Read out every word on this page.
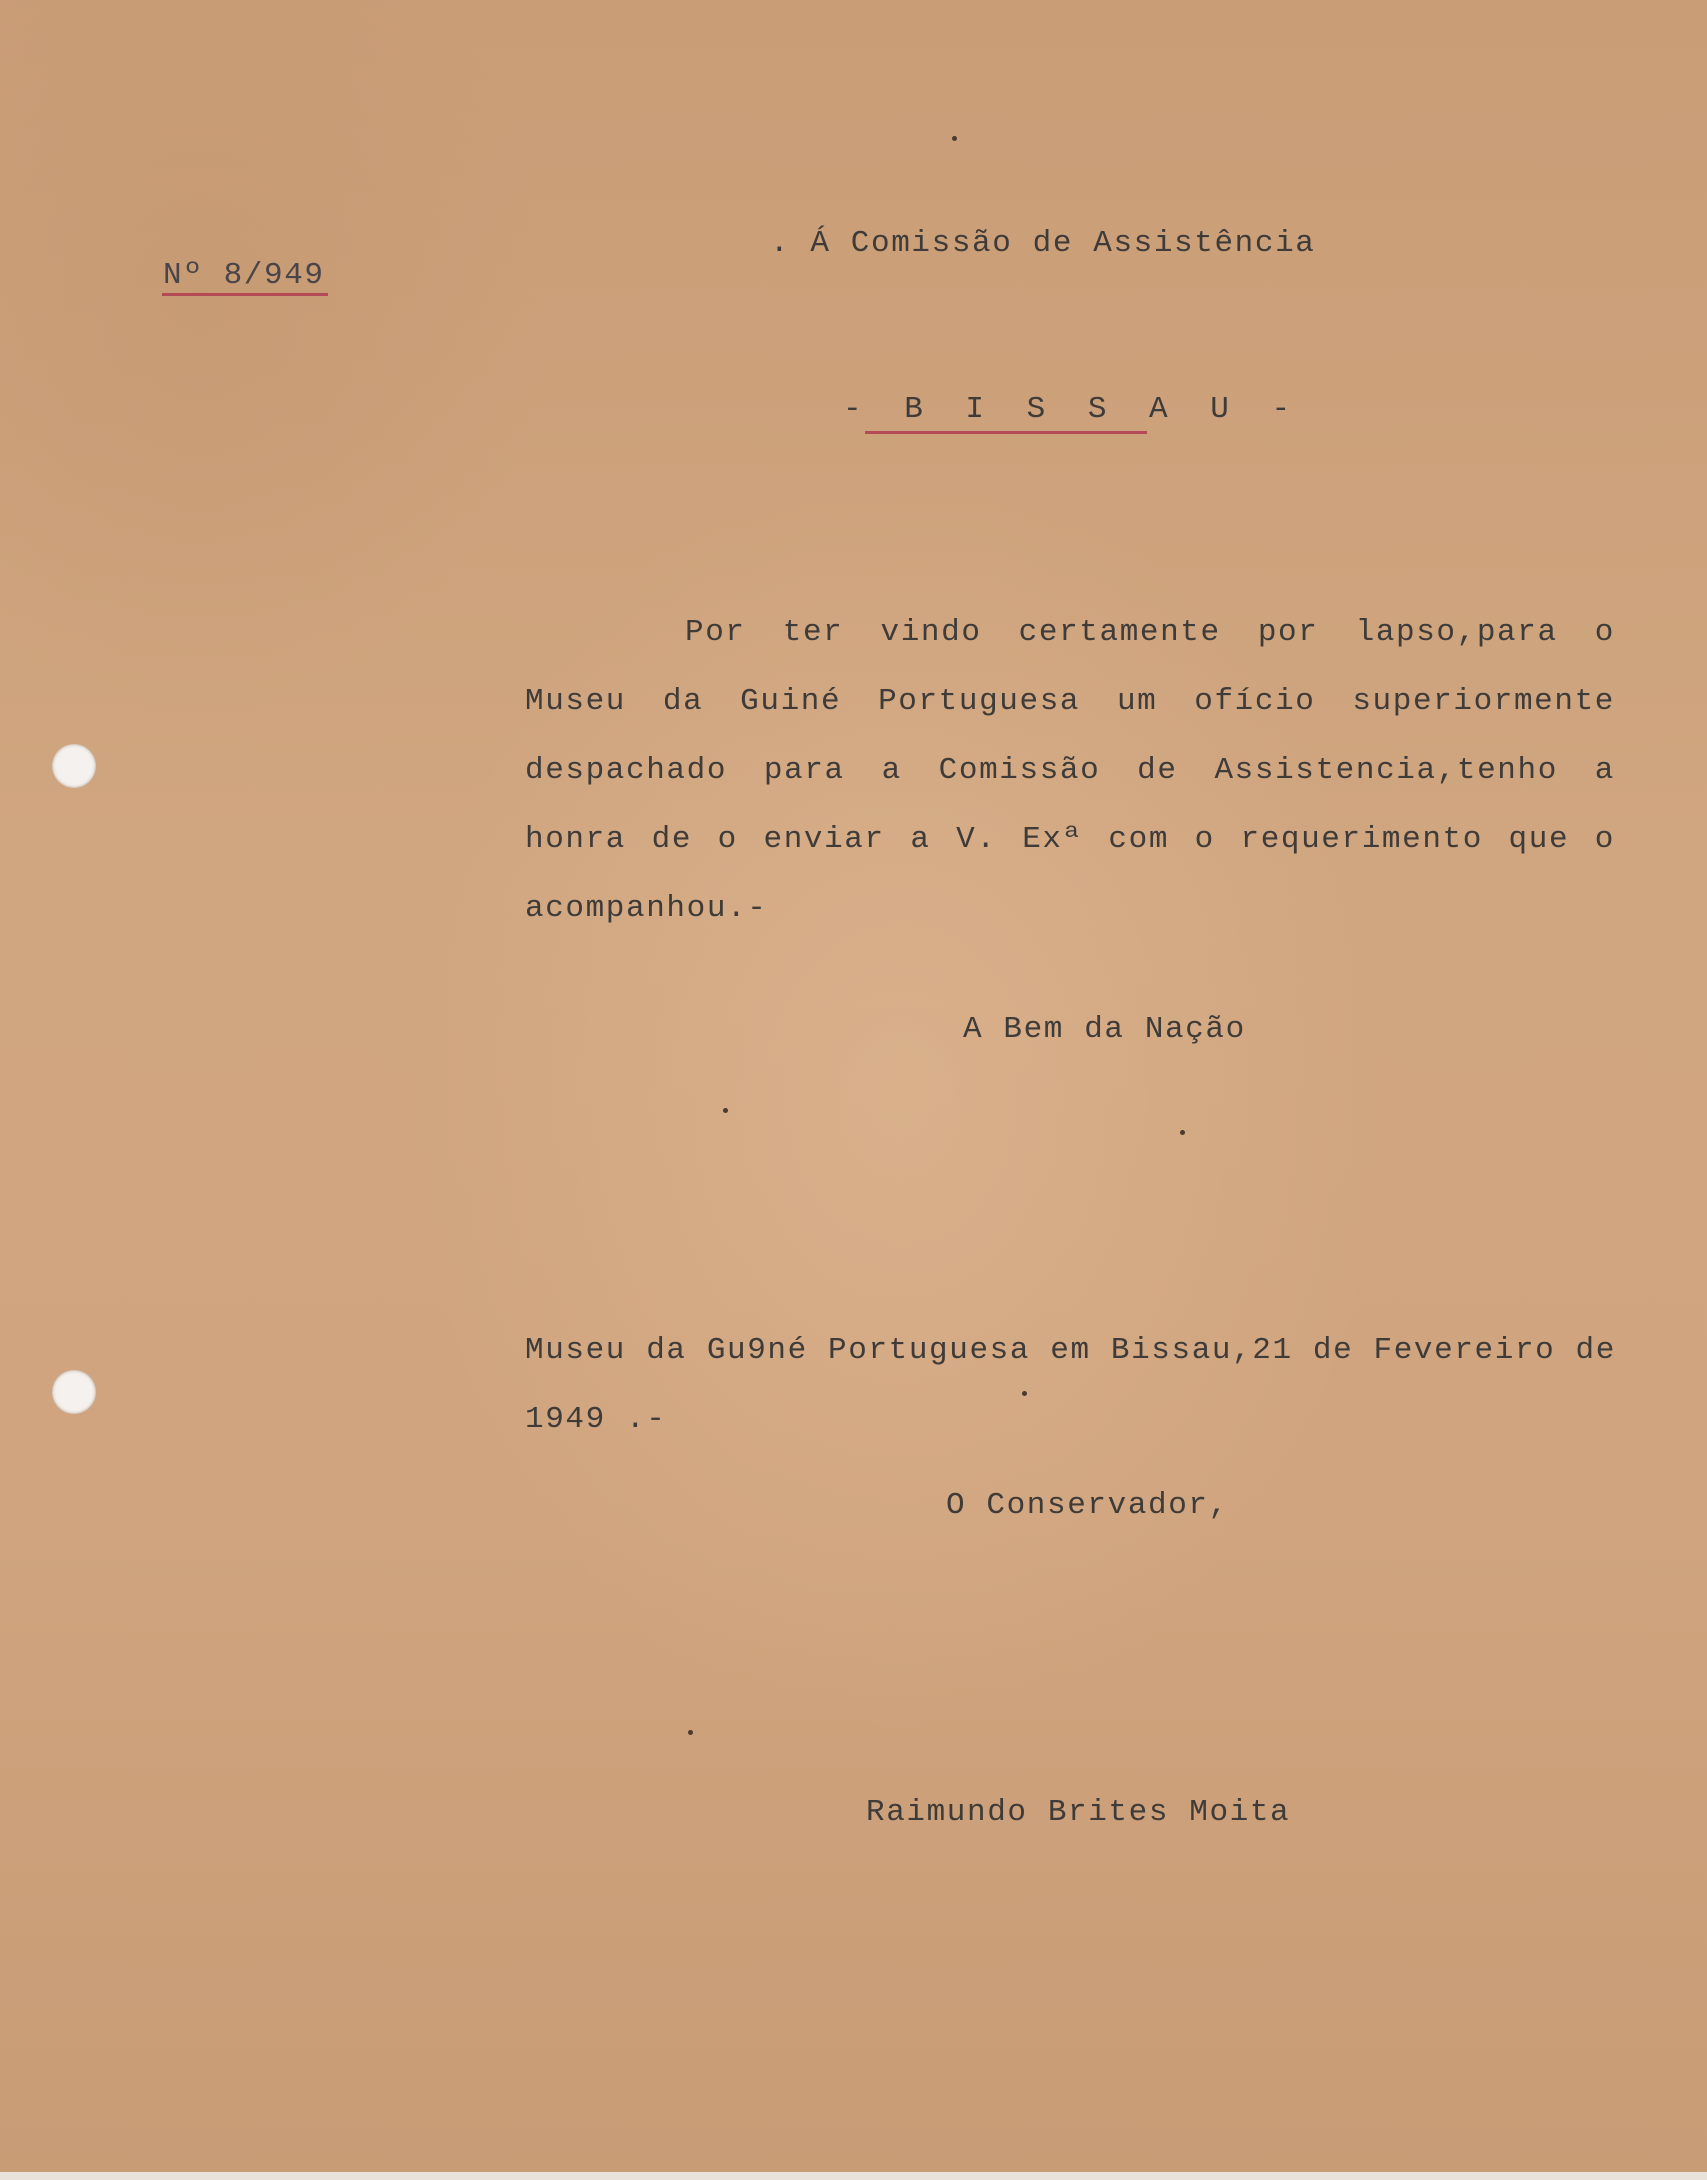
Nº 8/949
. Á Comissão de Assistência
- B I S S A U -
Por ter vindo certamente por lapso,para o Museu da Guiné Portuguesa um ofício superiormente despachado para a Comissão de Assistencia,tenho a honra de o enviar a V. Exª com o requerimento que o acompanhou.-
A Bem da Nação
Museu da Gu9né Portuguesa em Bissau,21 de Fevereiro de 1949 .-
O Conservador,
Raimundo Brites Moita
